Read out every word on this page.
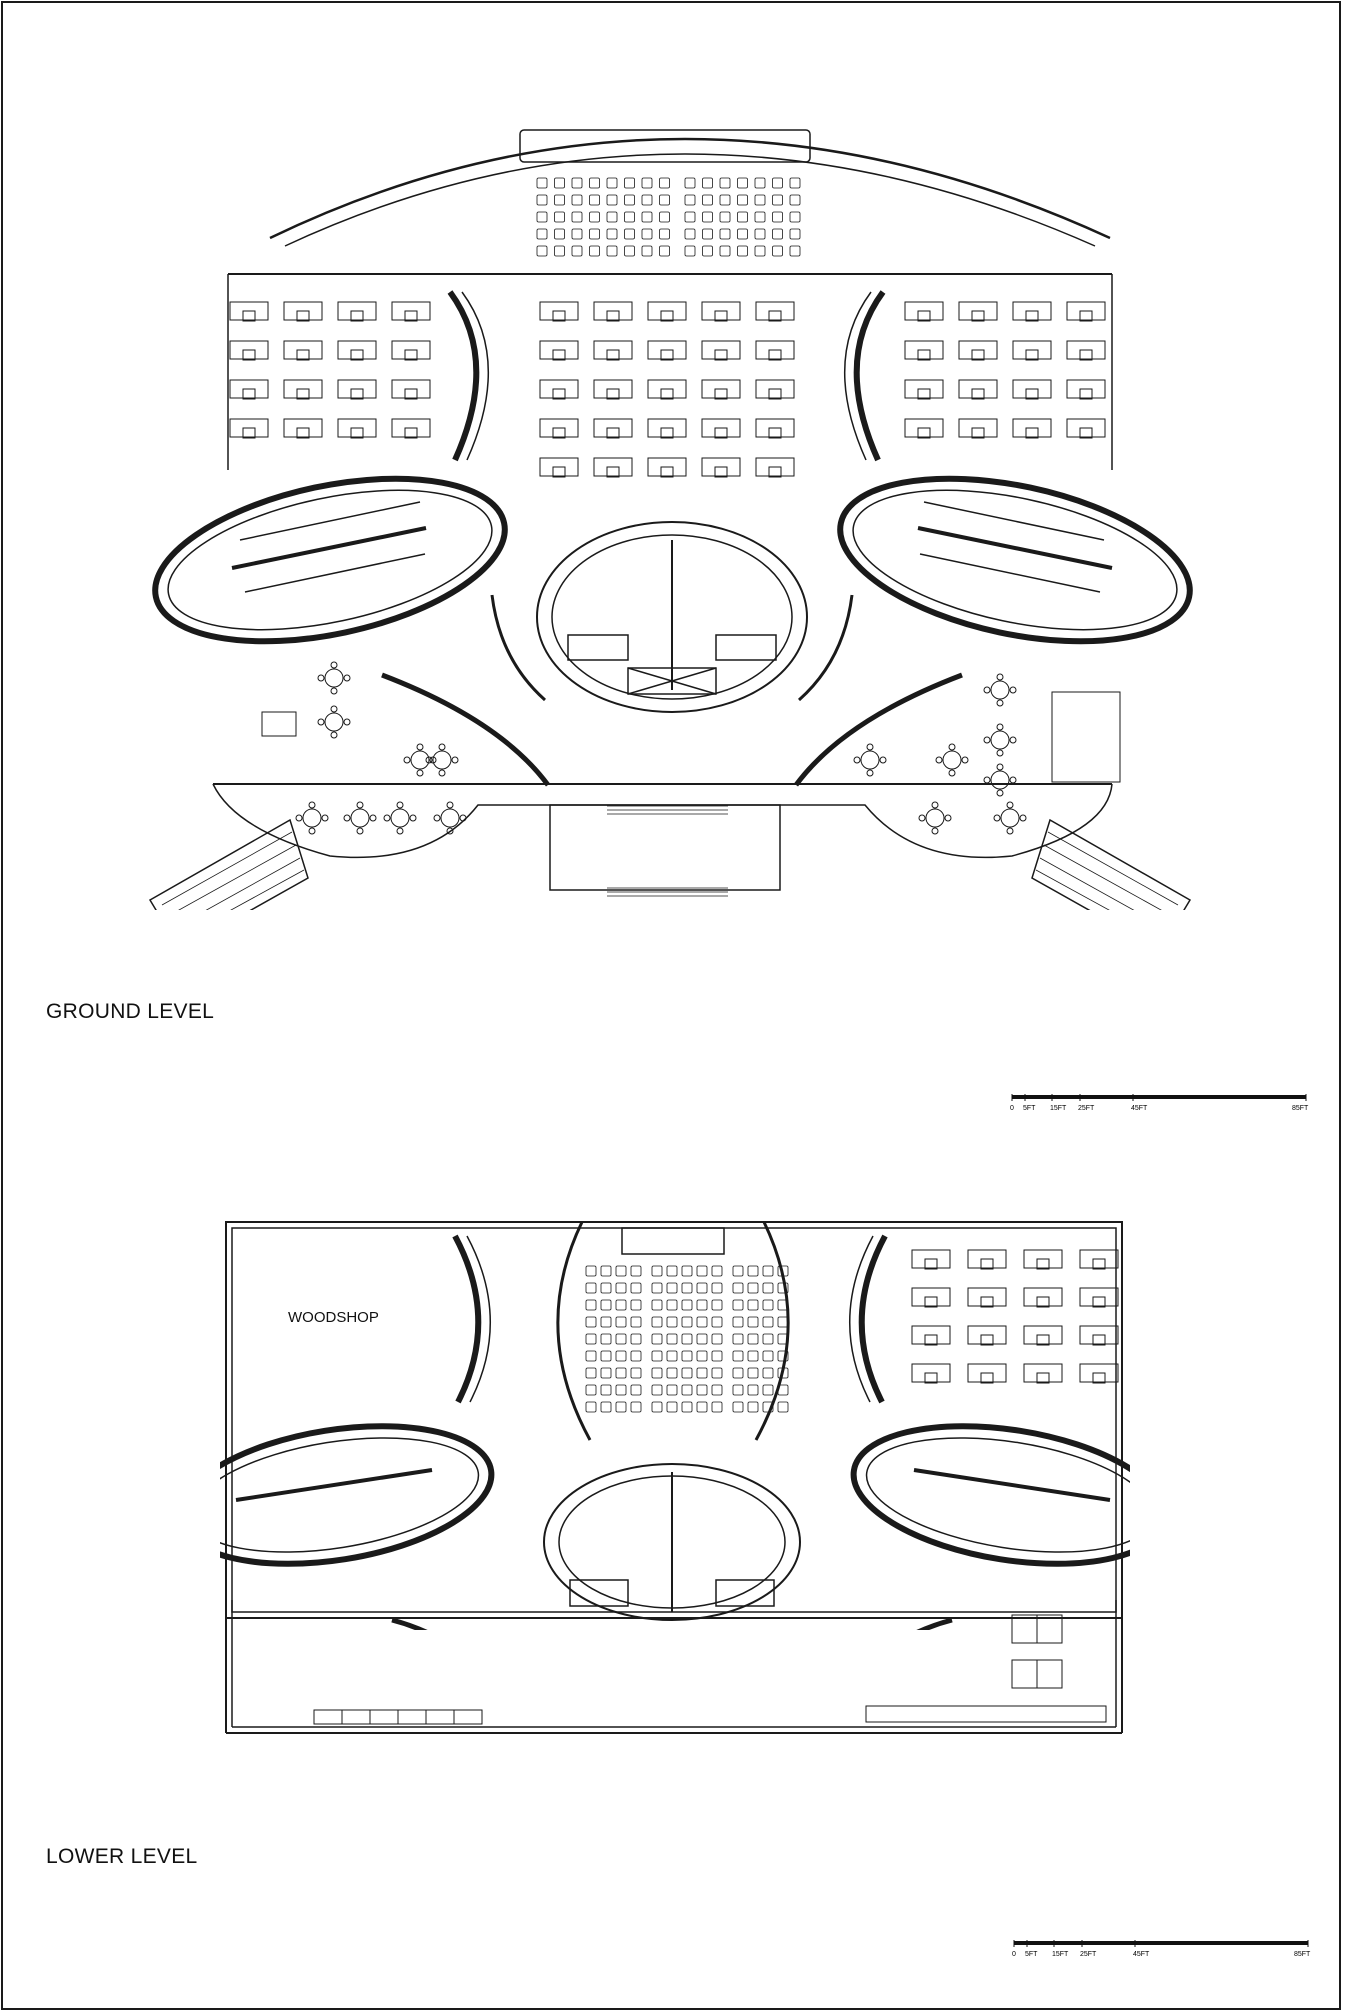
GROUND LEVEL
0 5FT 15FT 25FT	45FT	85FT
WOODSHOP
LOWER LEVEL
0 5FT 15FT 25FT	45FT	85FT
